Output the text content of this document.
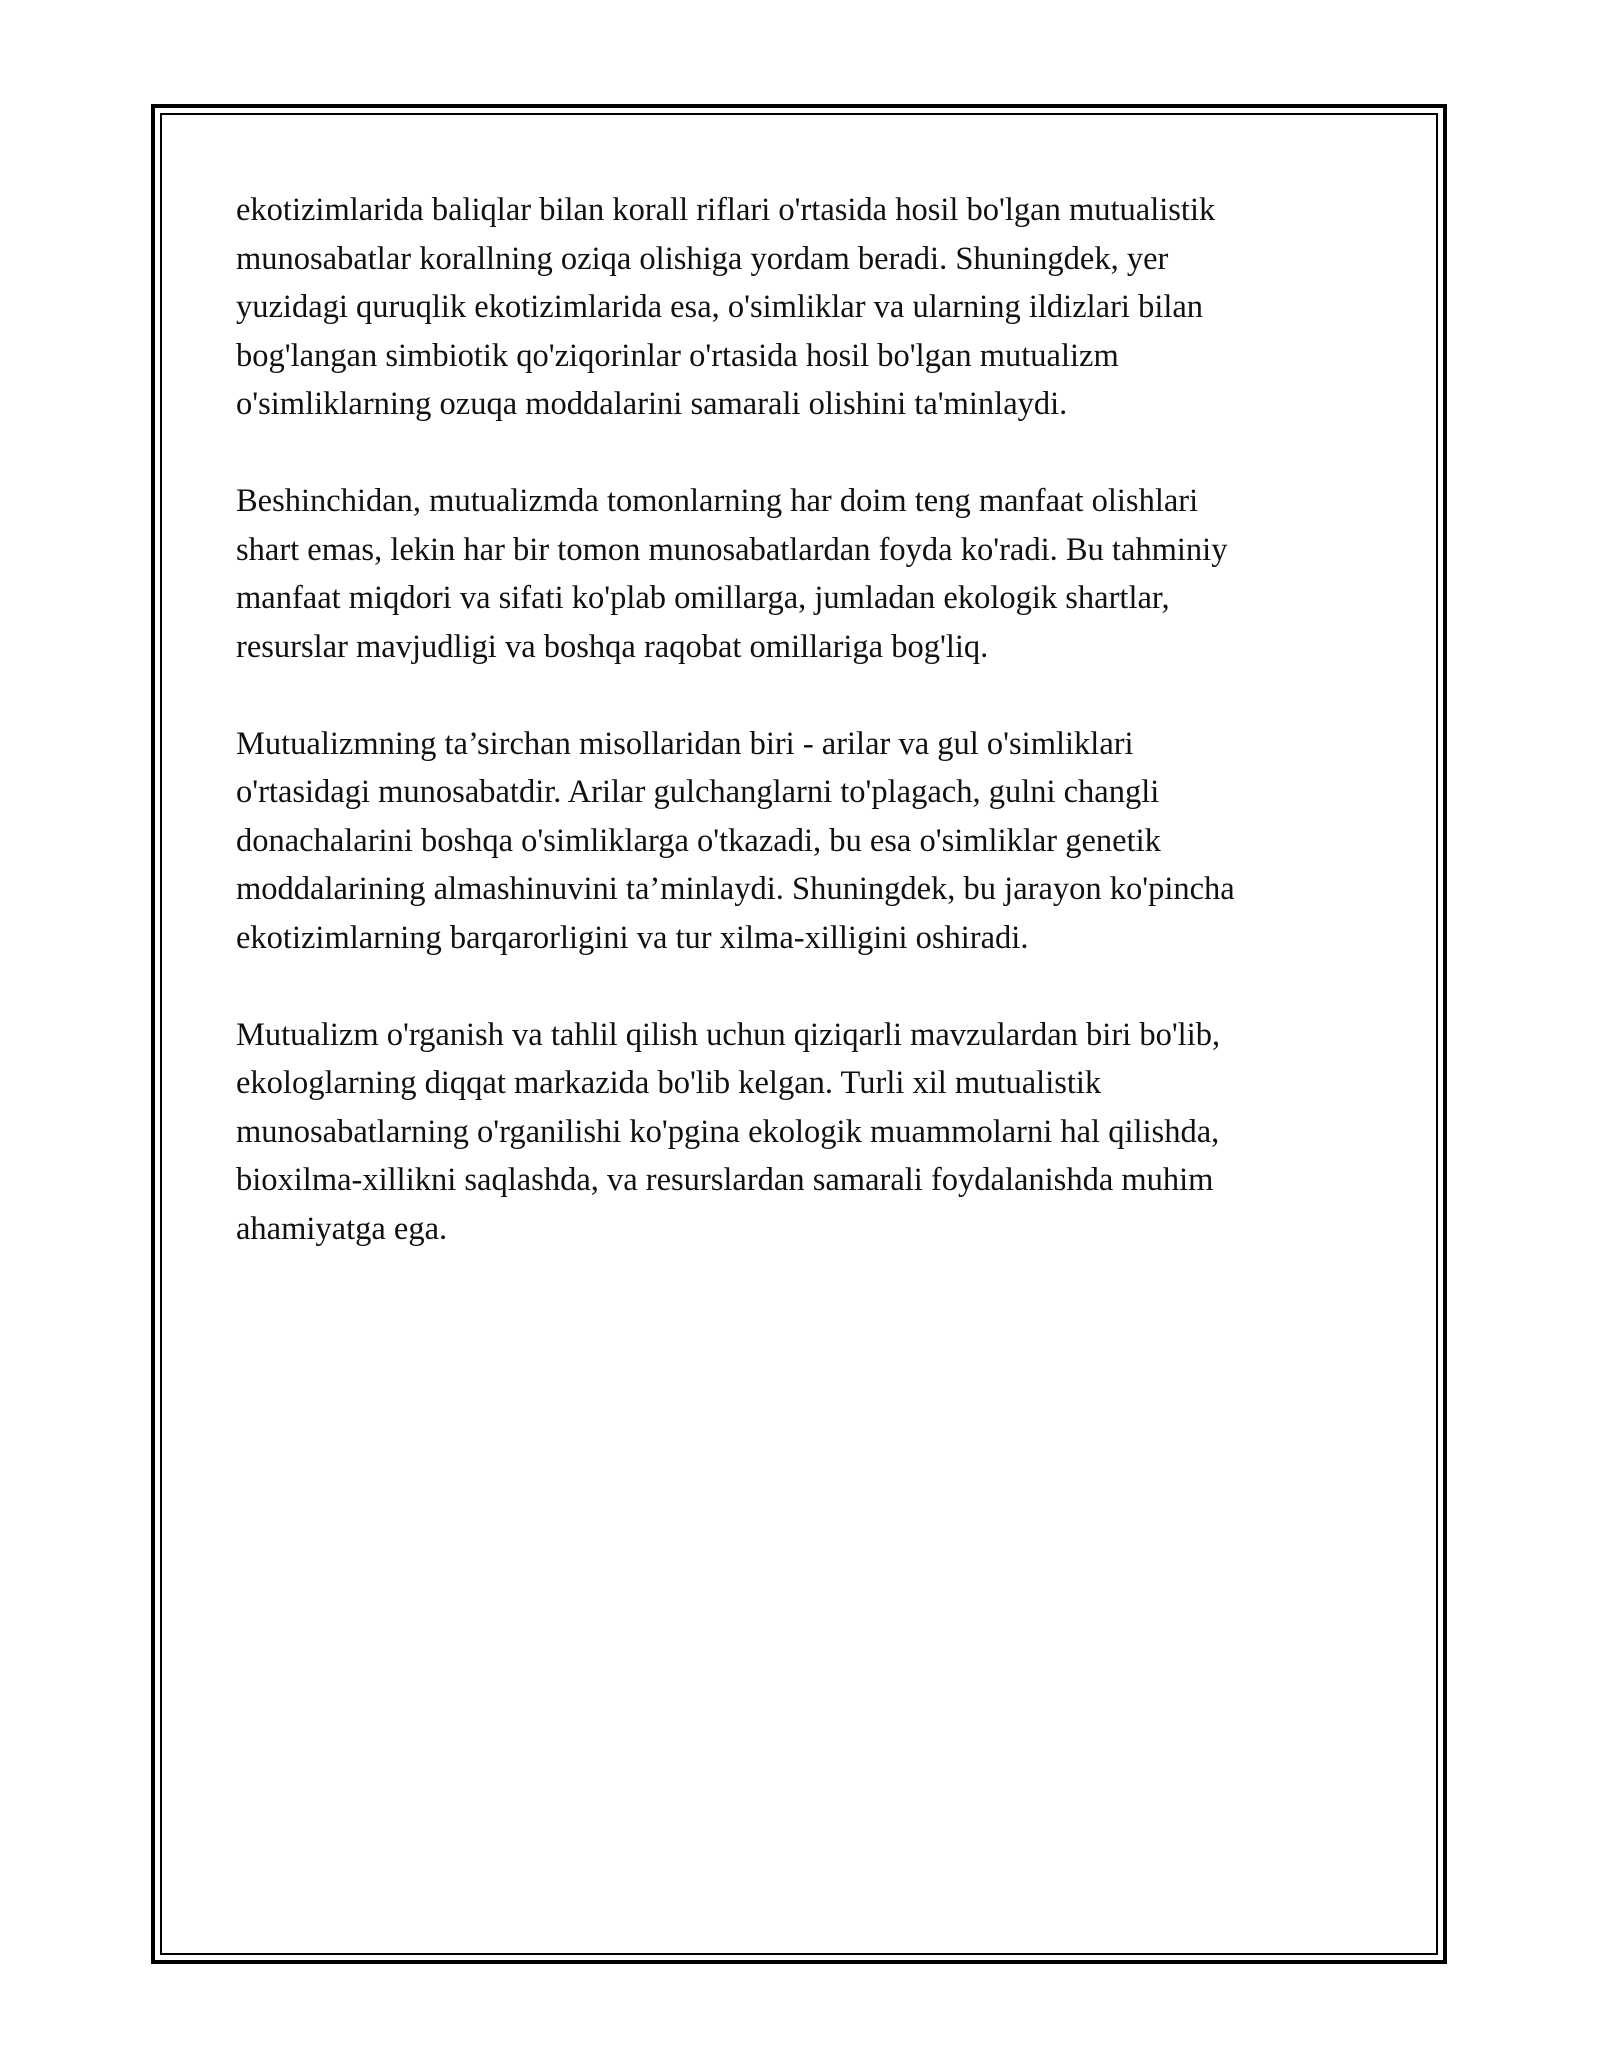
ekotizimlarida baliqlar bilan korall riflari o'rtasida hosil bo'lgan mutualistik
munosabatlar korallning oziqa olishiga yordam beradi. Shuningdek, yer
yuzidagi quruqlik ekotizimlarida esa, o'simliklar va ularning ildizlari bilan
bog'langan simbiotik qo'ziqorinlar o'rtasida hosil bo'lgan mutualizm
o'simliklarning ozuqa moddalarini samarali olishini ta'minlaydi.
Beshinchidan, mutualizmda tomonlarning har doim teng manfaat olishlari
shart emas, lekin har bir tomon munosabatlardan foyda ko'radi. Bu tahminiy
manfaat miqdori va sifati ko'plab omillarga, jumladan ekologik shartlar,
resurslar mavjudligi va boshqa raqobat omillariga bog'liq.
Mutualizmning ta’sirchan misollaridan biri - arilar va gul o'simliklari
o'rtasidagi munosabatdir. Arilar gulchanglarni to'plagach, gulni changli
donachalarini boshqa o'simliklarga o'tkazadi, bu esa o'simliklar genetik
moddalarining almashinuvini ta’minlaydi. Shuningdek, bu jarayon ko'pincha
ekotizimlarning barqarorligini va tur xilma-xilligini oshiradi.
Mutualizm o'rganish va tahlil qilish uchun qiziqarli mavzulardan biri bo'lib,
ekologlarning diqqat markazida bo'lib kelgan. Turli xil mutualistik
munosabatlarning o'rganilishi ko'pgina ekologik muammolarni hal qilishda,
bioxilma-xillikni saqlashda, va resurslardan samarali foydalanishda muhim
ahamiyatga ega.
